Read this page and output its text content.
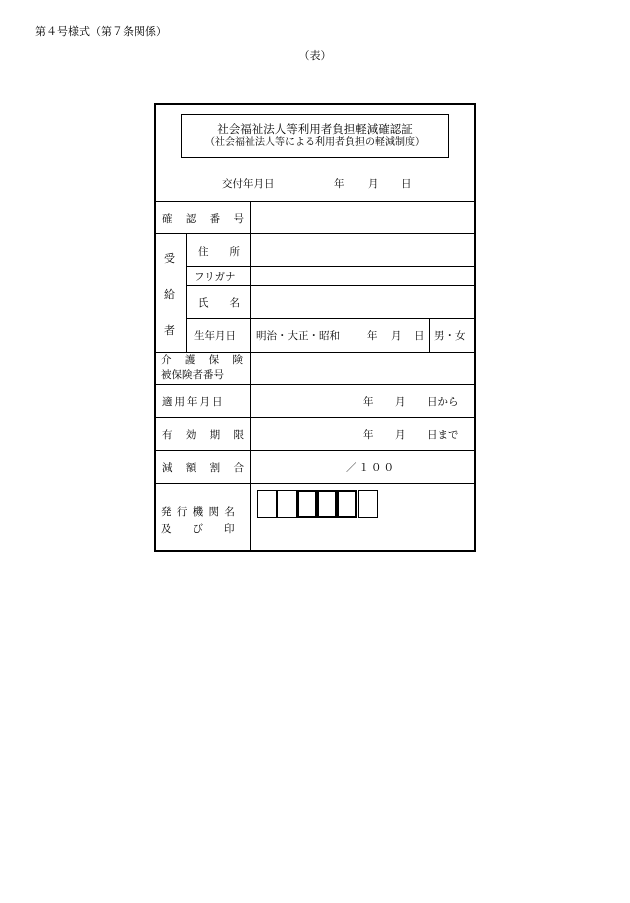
第４号様式（第７条関係）
（表）
社会福祉法人等利用者負担軽減確認証
（社会福祉法人等による利用者負担の軽減制度）
交付年月日	年 月 日
確 認 番 号
受
給
者
住　　所
フリガナ
氏　　名
生年月日 明治・大正・昭和	年 月 日 男・女
介 護 保 険
被保険者番号
適用年月日	年 月 日から
有 効 期 限	年 月 日まで
減 額 割 合	／１００
発 行 機 関 名
及　　び　　印
